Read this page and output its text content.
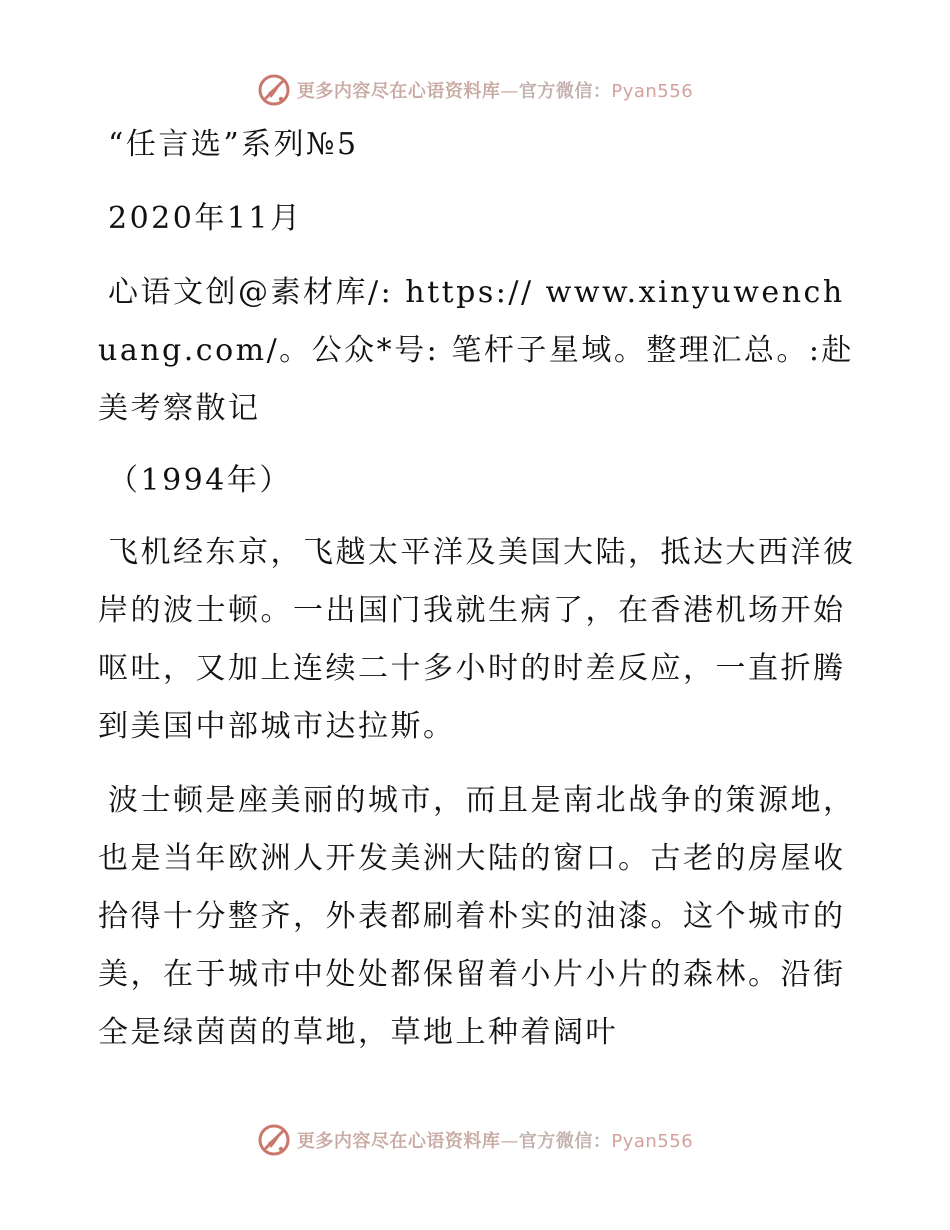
更多内容尽在心语资料库—官方微信：Pyan556

“任言选”系列№5

2020年11月

心语文创@素材库/: https:// www.xinyuwenchuang.com/。公众*号: 笔杆子星域。整理汇总。:赴美考察散记

（1994年）

飞机经东京，飞越太平洋及美国大陆，抵达大西洋彼岸的波士顿。一出国门我就生病了，在香港机场开始呕吐，又加上连续二十多小时的时差反应，一直折腾到美国中部城市达拉斯。

波士顿是座美丽的城市，而且是南北战争的策源地，也是当年欧洲人开发美洲大陆的窗口。古老的房屋收拾得十分整齐，外表都刷着朴实的油漆。这个城市的美，在于城市中处处都保留着小片小片的森林。沿街全是绿茵茵的草地，草地上种着阔叶

更多内容尽在心语资料库—官方微信：Pyan556
